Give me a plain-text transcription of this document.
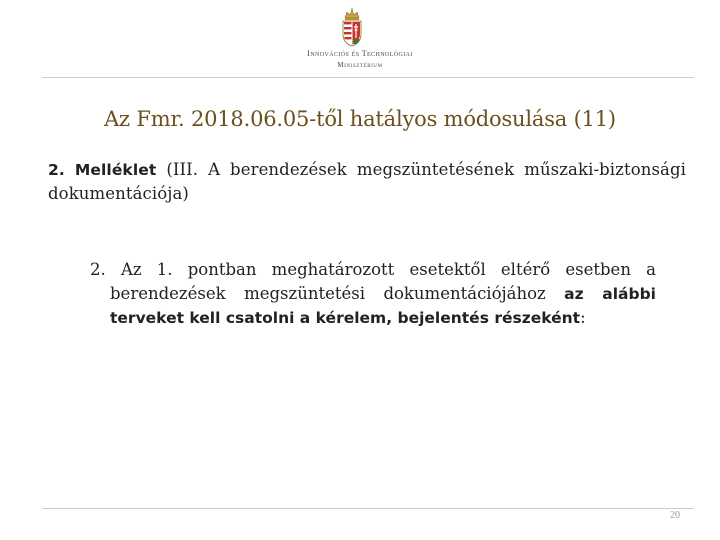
Innovációs és Technológiai
Minisztérium
Az Fmr. 2018.06.05-től hatályos módosulása (11)
2. Melléklet (III. A berendezések megszüntetésének műszaki-biztonsági dokumentációja)
2. Az 1. pontban meghatározott esetektől eltérő esetben a berendezések megszüntetési dokumentációjához az alábbi terveket kell csatolni a kérelem, bejelentés részeként:
20
